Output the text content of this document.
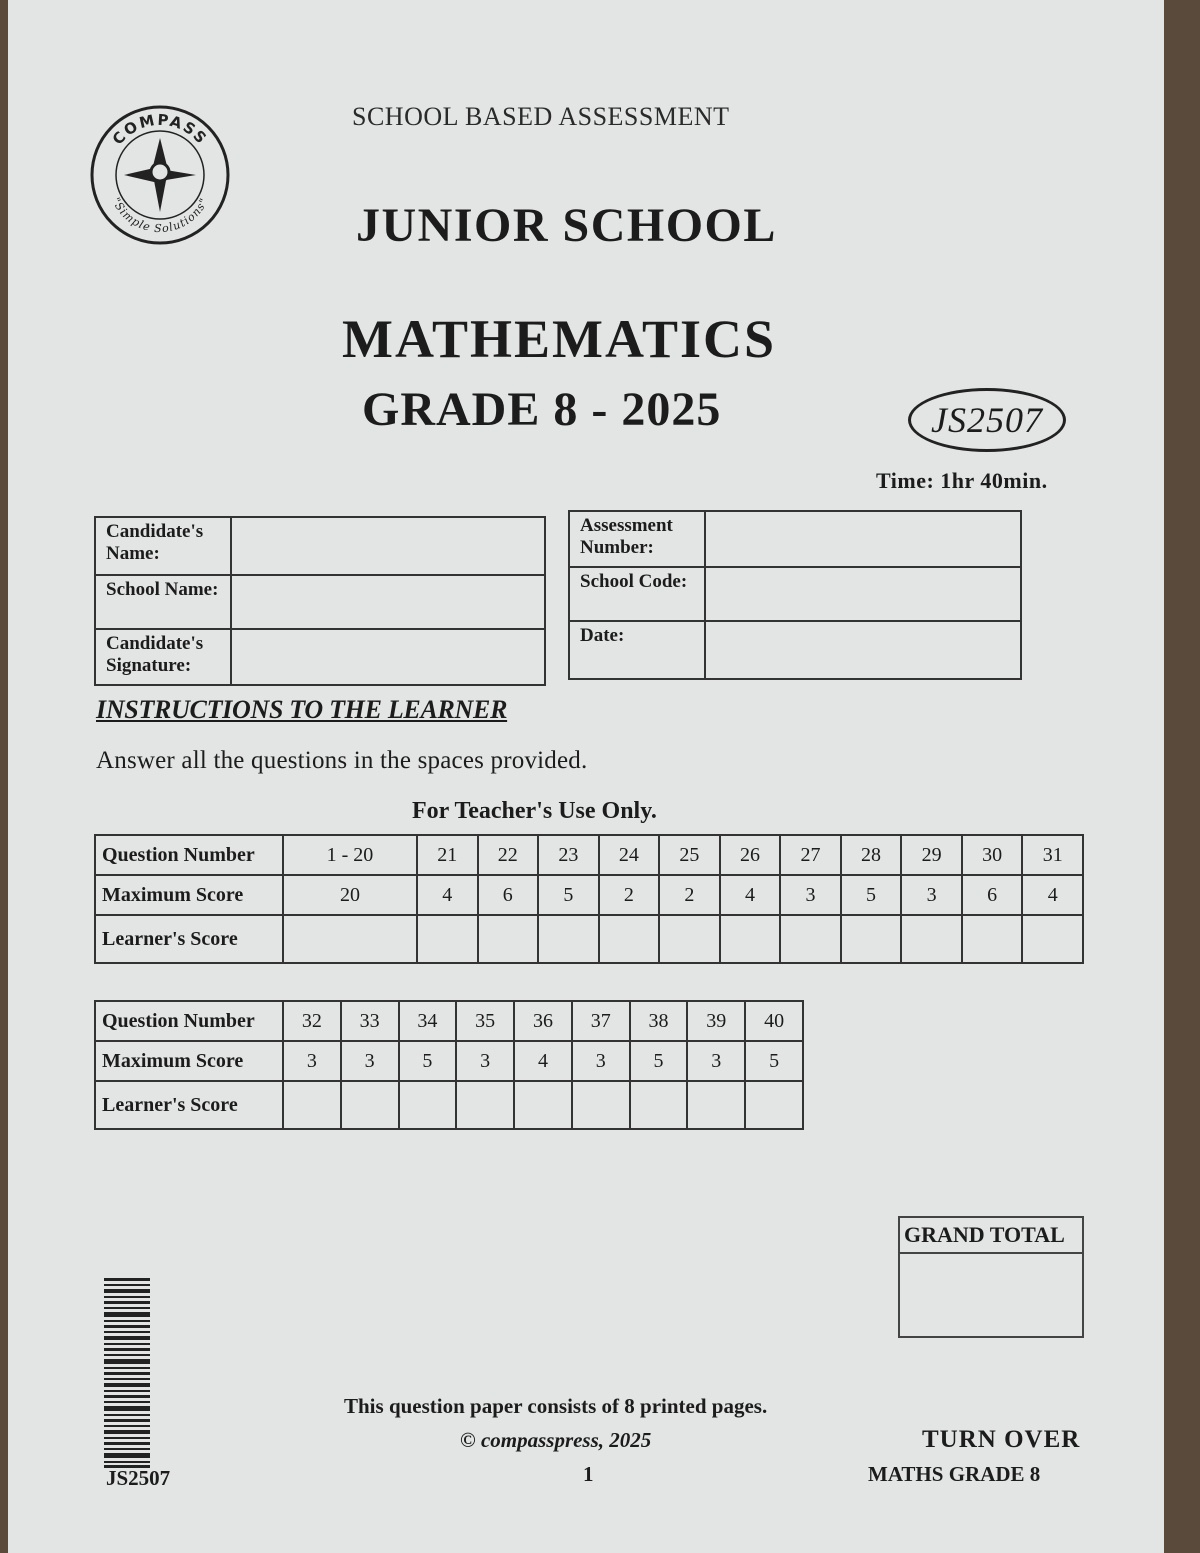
COMPASS
"Simple Solutions"
SCHOOL BASED ASSESSMENT
JUNIOR SCHOOL
MATHEMATICS
GRADE 8 - 2025	JS2507
Time: 1hr 40min.
Candidate's Name:	
School Name:	
Candidate's Signature:	
Assessment Number:	
School Code:	
Date:	
INSTRUCTIONS TO THE LEARNER
Answer all the questions in the spaces provided.
For Teacher's Use Only.
Question Number	1 - 20	21	22	23	24	25	26	27	28	29	30	31
Maximum Score	20	4	6	5	2	2	4	3	5	3	6	4
Learner's Score												
Question Number	32	33	34	35	36	37	38	39	40
Maximum Score	3	3	5	3	4	3	5	3	5
Learner's Score									
GRAND TOTAL

JS2507
This question paper consists of 8 printed pages.
© compasspress, 2025
1
TURN OVER
MATHS GRADE 8
